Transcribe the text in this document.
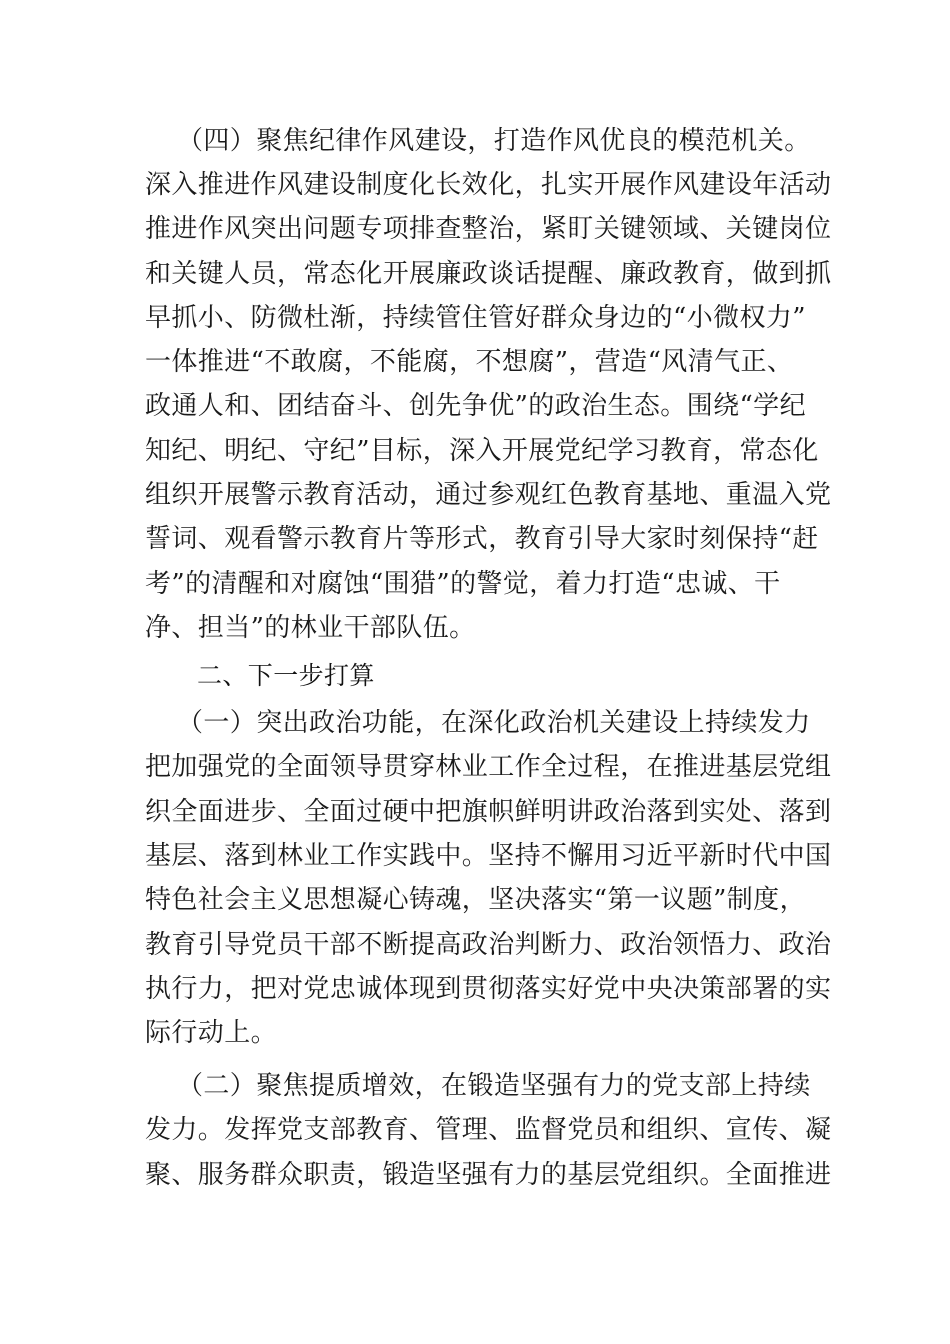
（四）聚焦纪律作风建设，打造作风优良的模范机关。
深入推进作风建设制度化长效化，扎实开展作风建设年活动
推进作风突出问题专项排查整治，紧盯关键领域、关键岗位
和关键人员，常态化开展廉政谈话提醒、廉政教育，做到抓
早抓小、防微杜渐，持续管住管好群众身边的“小微权力”
一体推进“不敢腐，不能腐，不想腐”，营造“风清气正、
政通人和、团结奋斗、创先争优”的政治生态。围绕“学纪
知纪、明纪、守纪”目标，深入开展党纪学习教育，常态化
组织开展警示教育活动，通过参观红色教育基地、重温入党
誓词、观看警示教育片等形式，教育引导大家时刻保持“赶
考”的清醒和对腐蚀“围猎”的警觉，着力打造“忠诚、干
净、担当”的林业干部队伍。
二、下一步打算
（一）突出政治功能，在深化政治机关建设上持续发力
把加强党的全面领导贯穿林业工作全过程，在推进基层党组
织全面进步、全面过硬中把旗帜鲜明讲政治落到实处、落到
基层、落到林业工作实践中。坚持不懈用习近平新时代中国
特色社会主义思想凝心铸魂，坚决落实“第一议题”制度，
教育引导党员干部不断提高政治判断力、政治领悟力、政治
执行力，把对党忠诚体现到贯彻落实好党中央决策部署的实
际行动上。
（二）聚焦提质增效，在锻造坚强有力的党支部上持续
发力。发挥党支部教育、管理、监督党员和组织、宣传、凝
聚、服务群众职责，锻造坚强有力的基层党组织。全面推进
